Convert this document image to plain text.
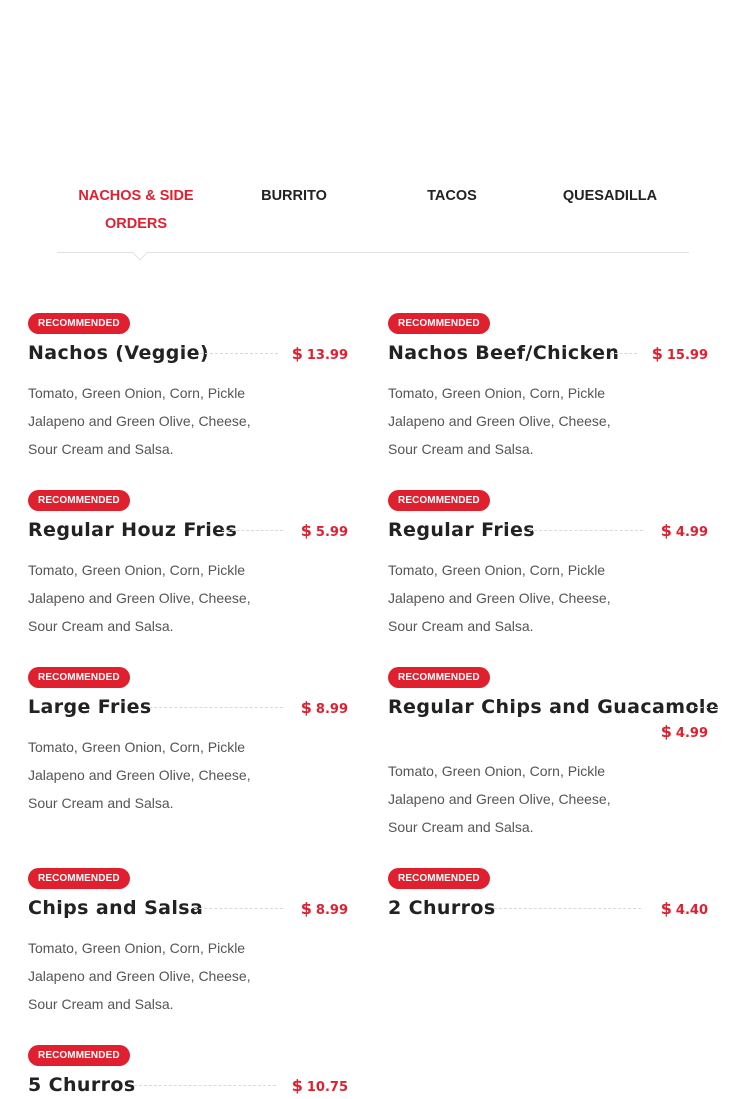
NACHOS & SIDE ORDERS
BURRITO	TACOS	QUESADILLA
RECOMMENDED
Nachos (Veggie)	$ 13.99
Tomato, Green Onion, Corn, Pickle Jalapeno and Green Olive, Cheese, Sour Cream and Salsa.
RECOMMENDED
Nachos Beef/Chicken $ 15.99
Tomato, Green Onion, Corn, Pickle Jalapeno and Green Olive, Cheese, Sour Cream and Salsa.
RECOMMENDED
Regular Houz Fries	$ 5.99
Tomato, Green Onion, Corn, Pickle Jalapeno and Green Olive, Cheese, Sour Cream and Salsa.
RECOMMENDED
Regular Fries	$ 4.99
Tomato, Green Onion, Corn, Pickle Jalapeno and Green Olive, Cheese, Sour Cream and Salsa.
RECOMMENDED
Large Fries	$ 8.99
Tomato, Green Onion, Corn, Pickle Jalapeno and Green Olive, Cheese, Sour Cream and Salsa.
RECOMMENDED
Regular Chips and Guacamole
$ 4.99
Tomato, Green Onion, Corn, Pickle Jalapeno and Green Olive, Cheese, Sour Cream and Salsa.
RECOMMENDED
Chips and Salsa	$ 8.99
Tomato, Green Onion, Corn, Pickle Jalapeno and Green Olive, Cheese, Sour Cream and Salsa.
RECOMMENDED
2 Churros	$ 4.40
RECOMMENDED
5 Churros	$ 10.75
